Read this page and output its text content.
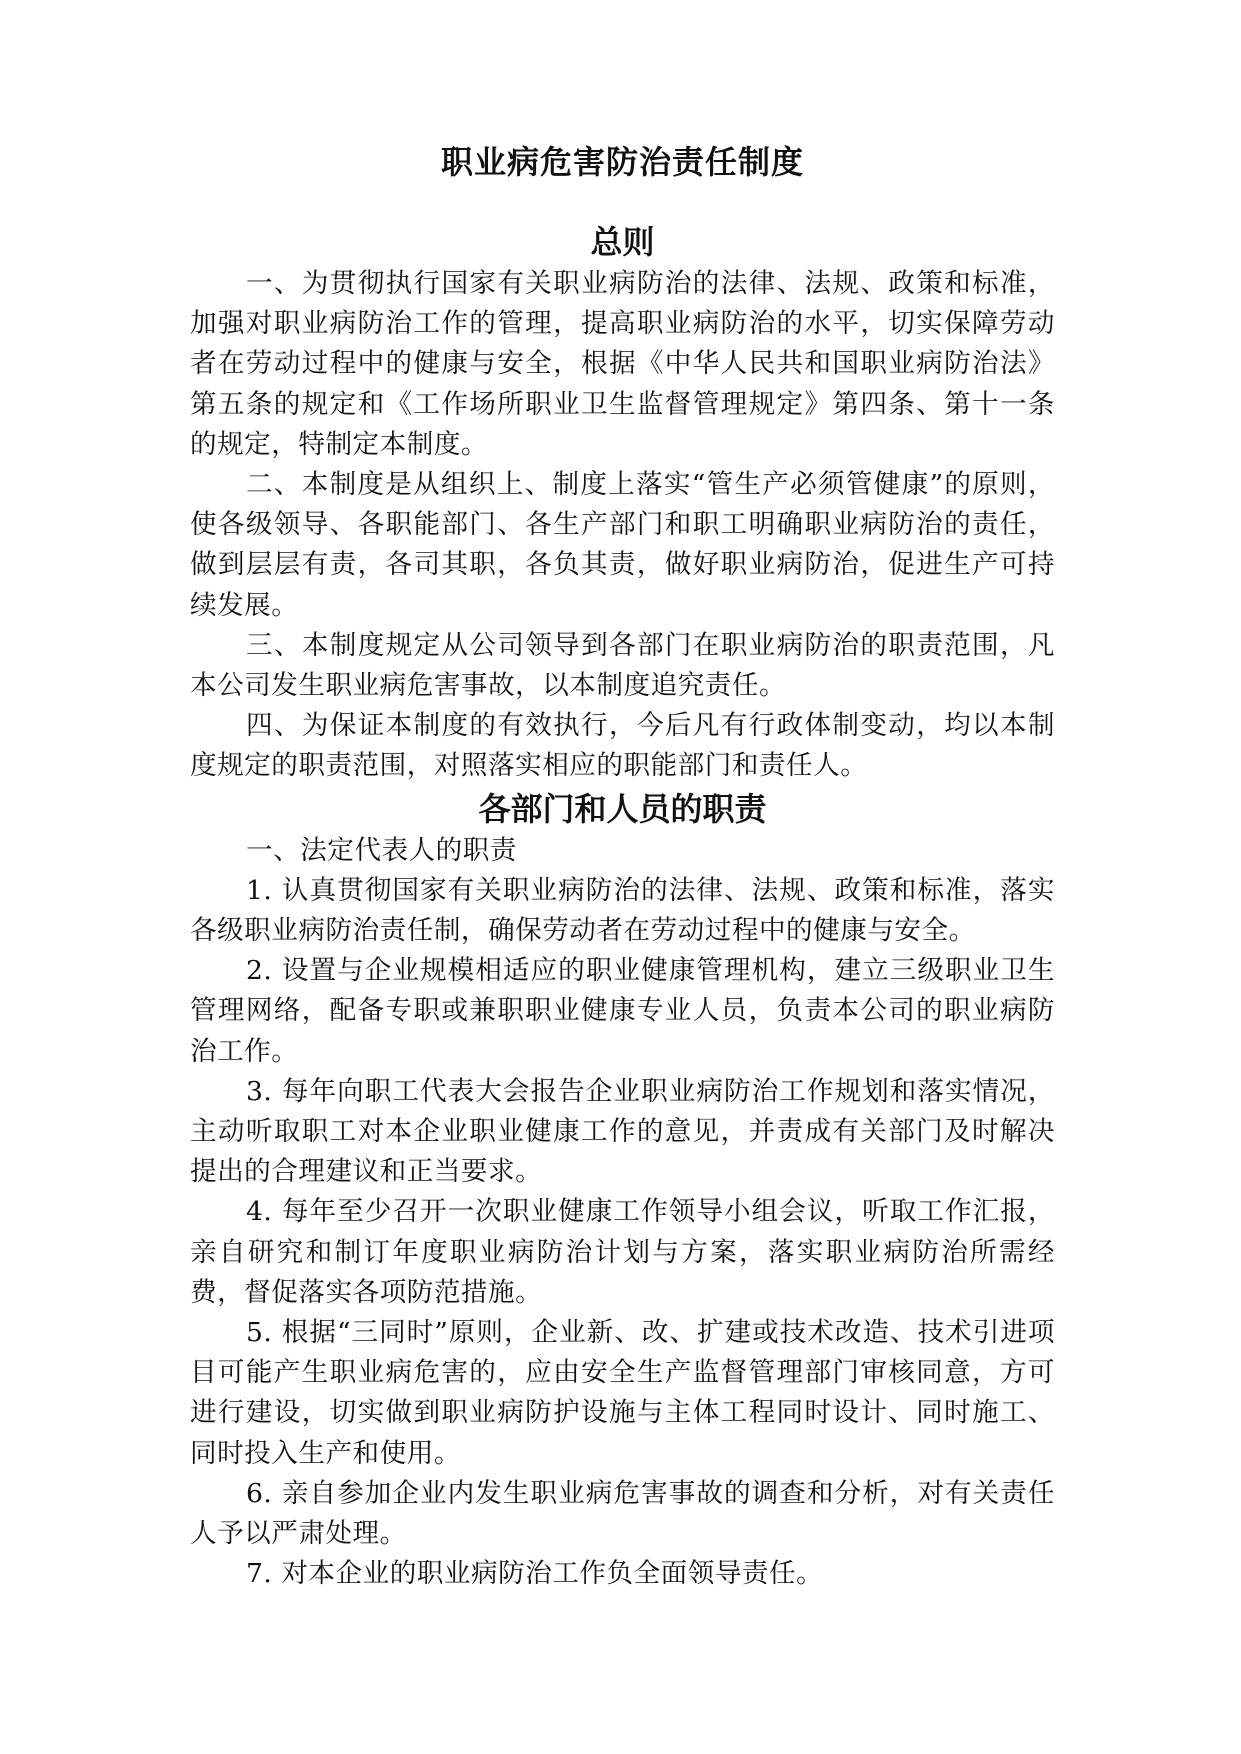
职业病危害防治责任制度
总则

一、为贯彻执行国家有关职业病防治的法律、法规、政策和标准，加强对职业病防治工作的管理，提高职业病防治的水平，切实保障劳动者在劳动过程中的健康与安全，根据《中华人民共和国职业病防治法》第五条的规定和《工作场所职业卫生监督管理规定》第四条、第十一条的规定，特制定本制度。

二、本制度是从组织上、制度上落实“管生产必须管健康”的原则，使各级领导、各职能部门、各生产部门和职工明确职业病防治的责任，做到层层有责，各司其职，各负其责，做好职业病防治，促进生产可持续发展。

三、本制度规定从公司领导到各部门在职业病防治的职责范围，凡本公司发生职业病危害事故，以本制度追究责任。

四、为保证本制度的有效执行，今后凡有行政体制变动，均以本制度规定的职责范围，对照落实相应的职能部门和责任人。

各部门和人员的职责

一、法定代表人的职责

1. 认真贯彻国家有关职业病防治的法律、法规、政策和标准，落实各级职业病防治责任制，确保劳动者在劳动过程中的健康与安全。

2. 设置与企业规模相适应的职业健康管理机构，建立三级职业卫生管理网络，配备专职或兼职职业健康专业人员，负责本公司的职业病防治工作。

3. 每年向职工代表大会报告企业职业病防治工作规划和落实情况，主动听取职工对本企业职业健康工作的意见，并责成有关部门及时解决提出的合理建议和正当要求。

4. 每年至少召开一次职业健康工作领导小组会议，听取工作汇报，亲自研究和制订年度职业病防治计划与方案，落实职业病防治所需经费，督促落实各项防范措施。

5. 根据“三同时”原则，企业新、改、扩建或技术改造、技术引进项目可能产生职业病危害的，应由安全生产监督管理部门审核同意，方可进行建设，切实做到职业病防护设施与主体工程同时设计、同时施工、同时投入生产和使用。

6. 亲自参加企业内发生职业病危害事故的调查和分析，对有关责任人予以严肃处理。

7. 对本企业的职业病防治工作负全面领导责任。
